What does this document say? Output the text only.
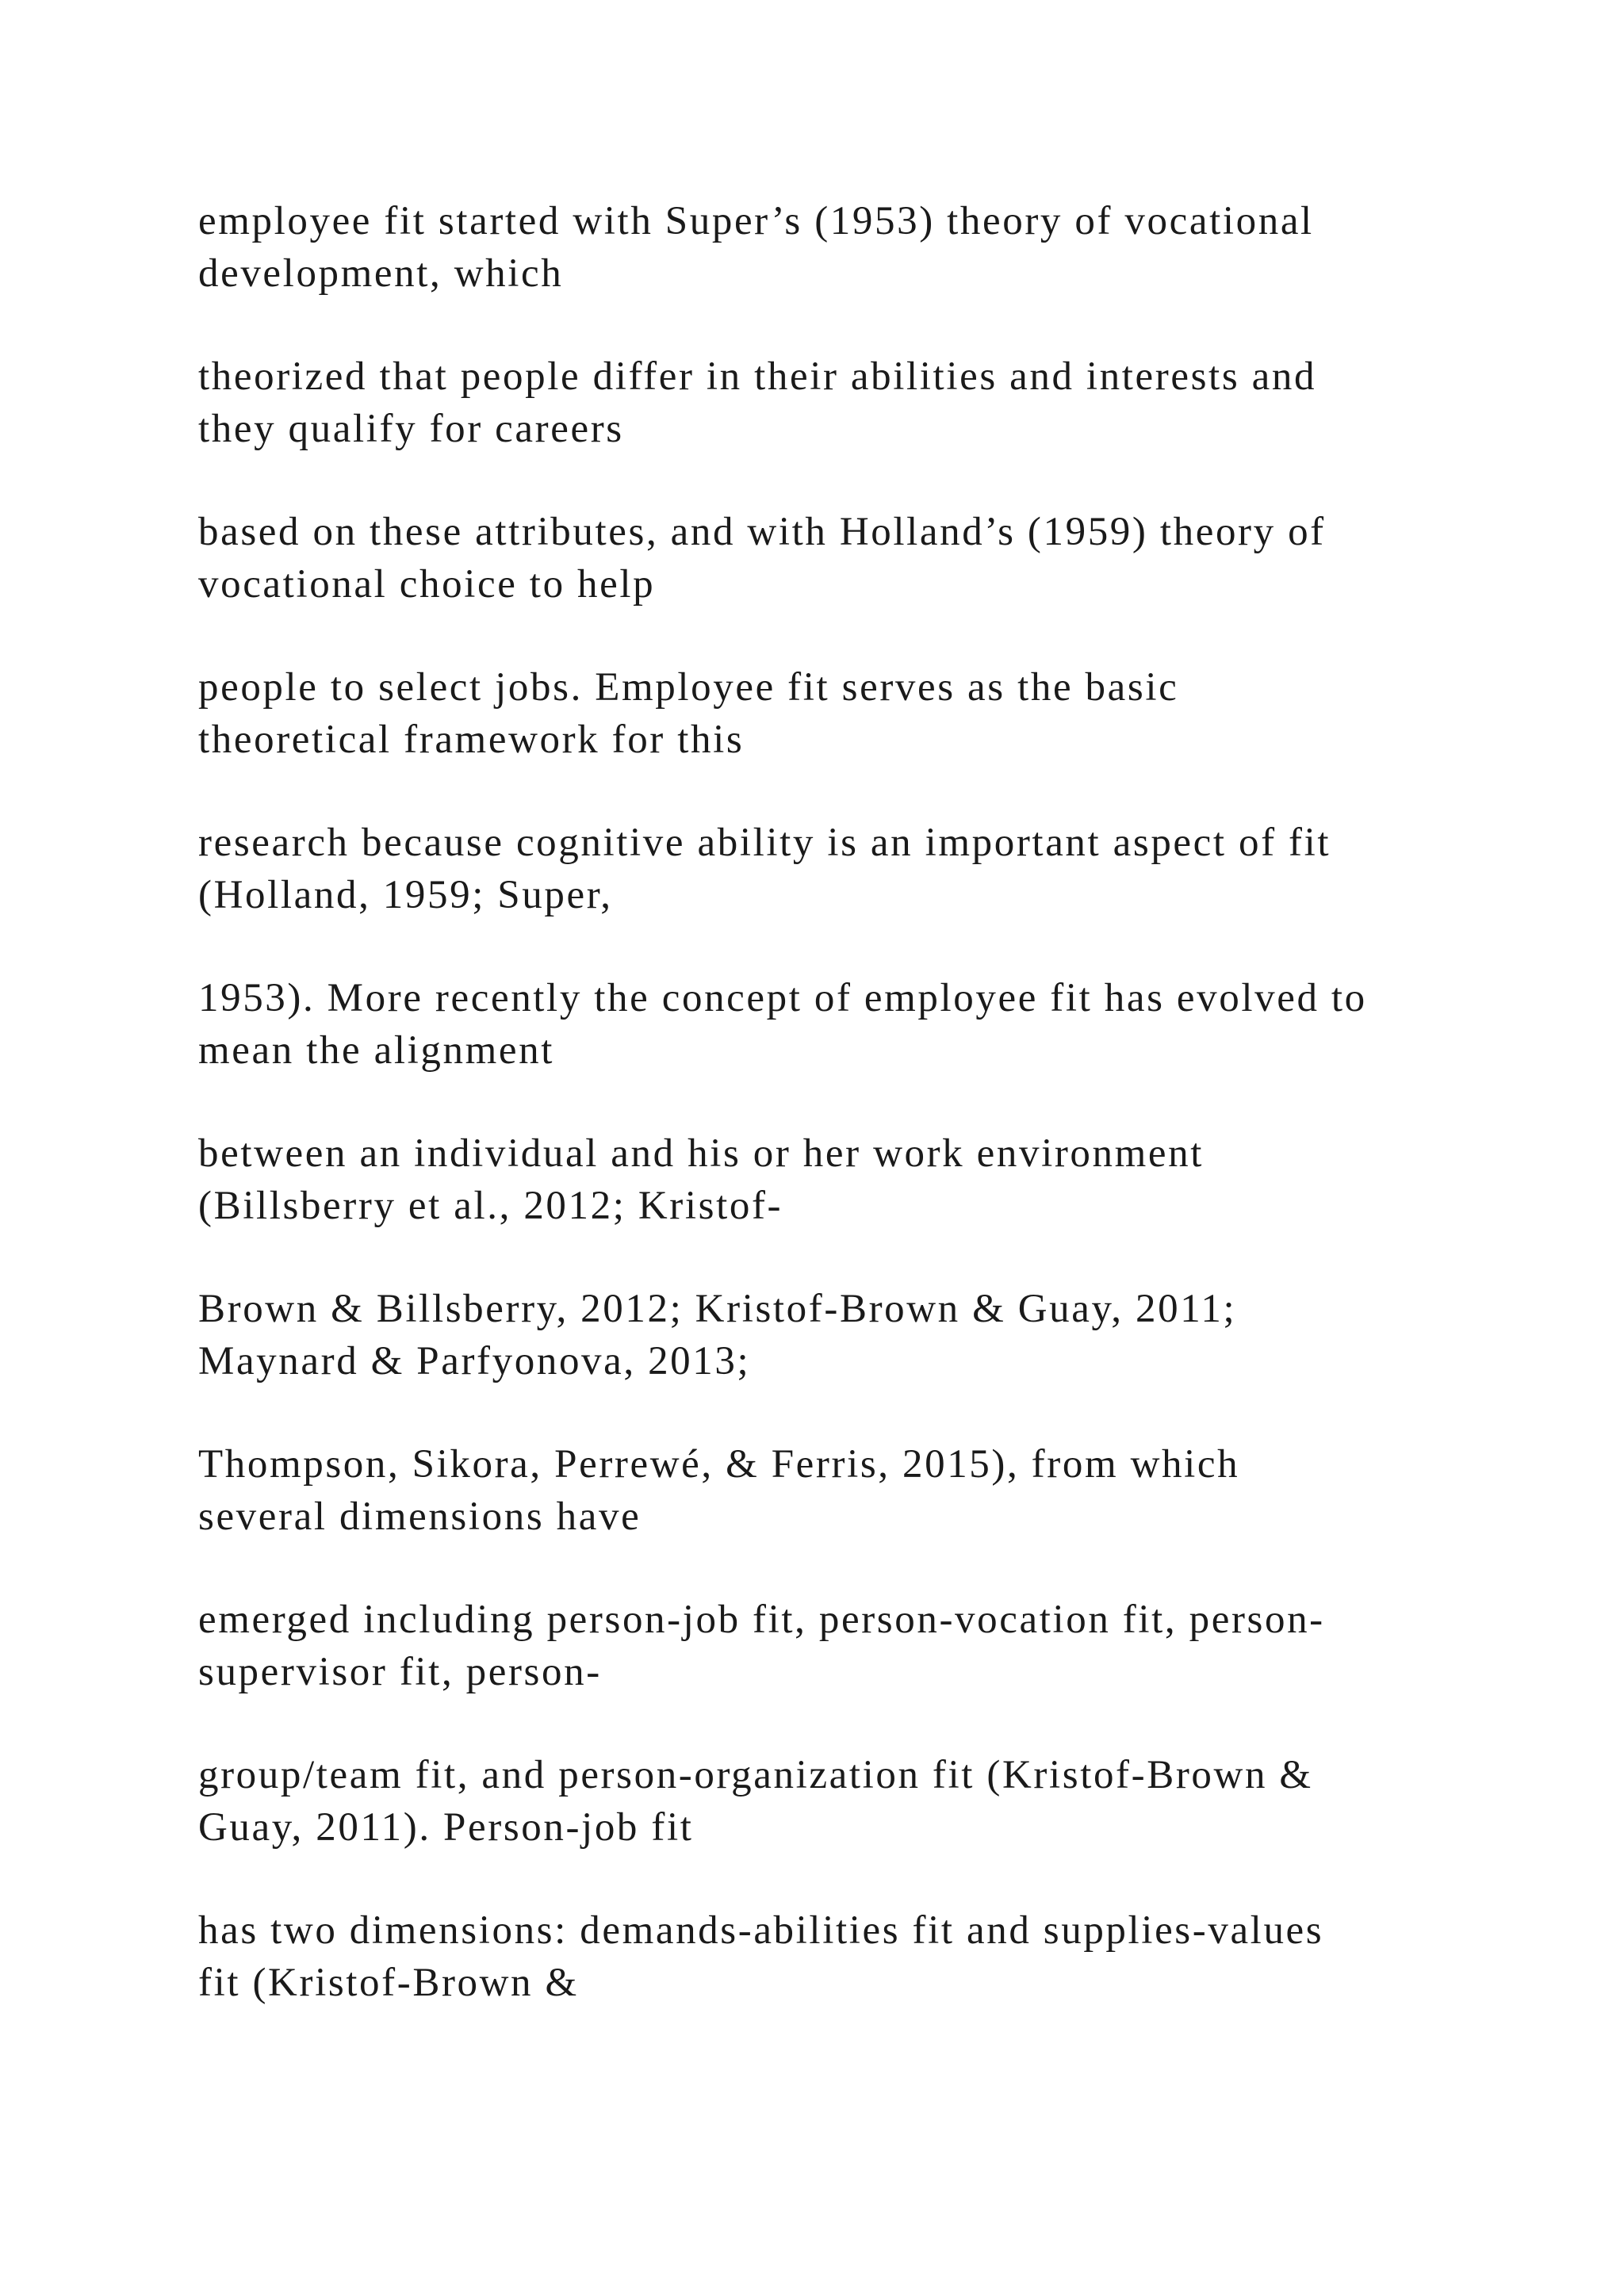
employee fit started with Super’s (1953) theory of vocational
development, which

theorized that people differ in their abilities and interests and
they qualify for careers

based on these attributes, and with Holland’s (1959) theory of
vocational choice to help

people to select jobs. Employee fit serves as the basic
theoretical framework for this

research because cognitive ability is an important aspect of fit
(Holland, 1959; Super,

1953). More recently the concept of employee fit has evolved to
mean the alignment

between an individual and his or her work environment
(Billsberry et al., 2012; Kristof-

Brown & Billsberry, 2012; Kristof-Brown & Guay, 2011;
Maynard & Parfyonova, 2013;

Thompson, Sikora, Perrewé, & Ferris, 2015), from which
several dimensions have

emerged including person-job fit, person-vocation fit, person-
supervisor fit, person-

group/team fit, and person-organization fit (Kristof-Brown &
Guay, 2011). Person-job fit

has two dimensions: demands-abilities fit and supplies-values
fit (Kristof-Brown &
